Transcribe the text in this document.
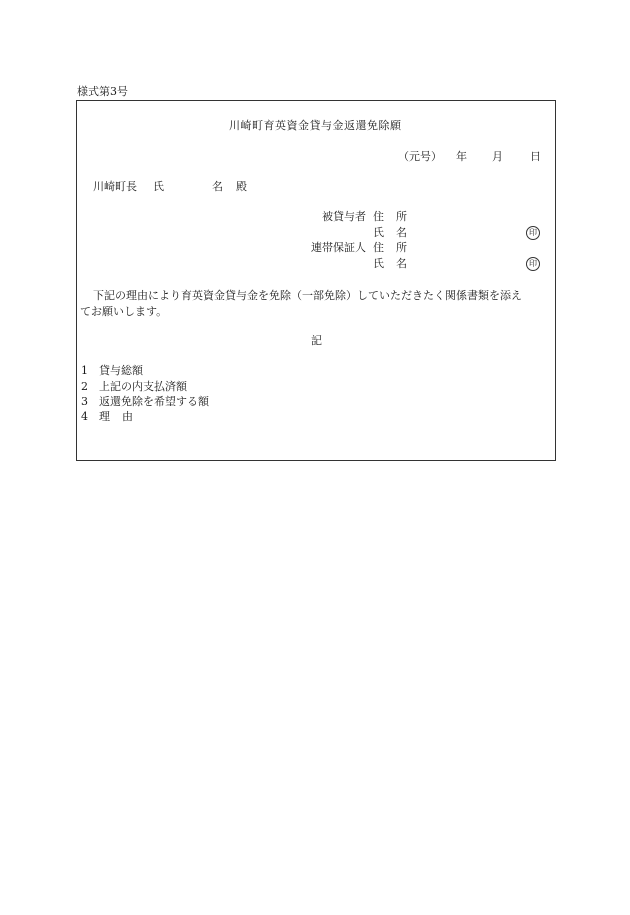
様式第3号
川崎町育英資金貸与金返還免除願
（元号） 年 月 日
川崎町長 氏	名 殿
被貸与者 住 所
氏 名	印
連帯保証人 住 所
氏 名	印
下記の理由により育英資金貸与金を免除（一部免除）していただきたく関係書類を添え
てお願いします。
記
1 貸与総額
2 上記の内支払済額
3 返還免除を希望する額
4 理由
